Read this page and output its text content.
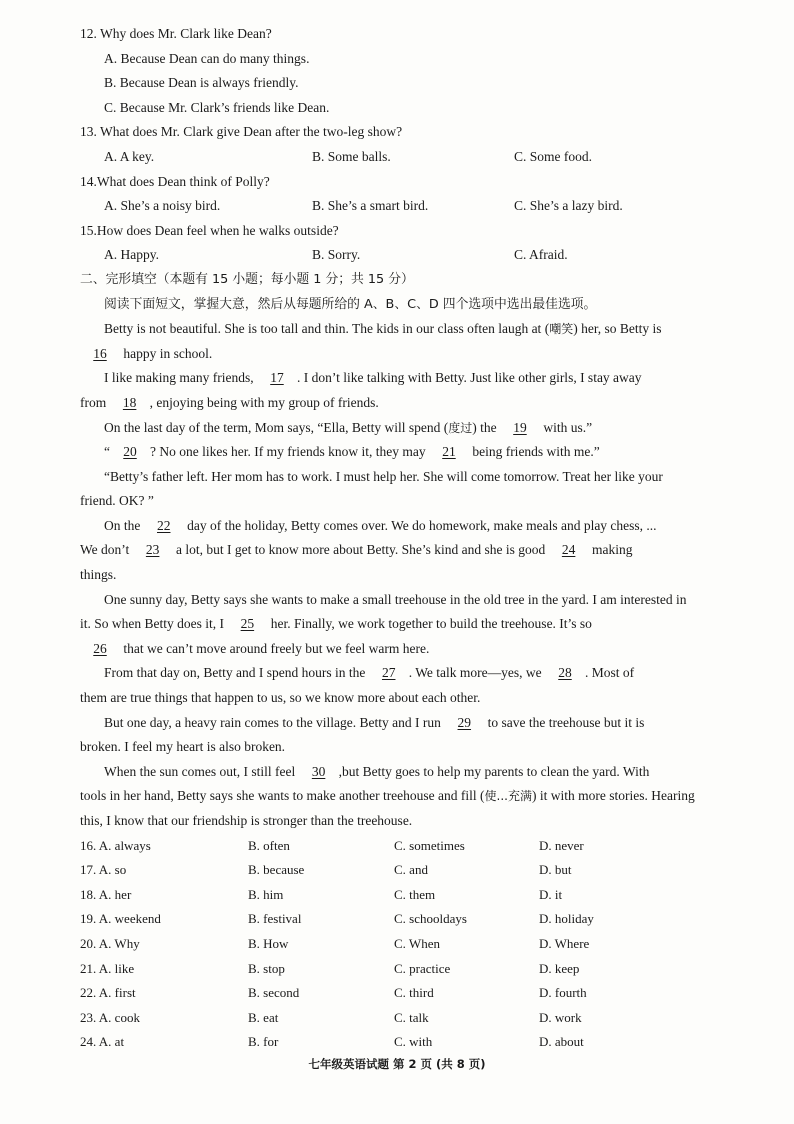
12. Why does Mr. Clark like Dean?
A. Because Dean can do many things.
B. Because Dean is always friendly.
C. Because Mr. Clark’s friends like Dean.
13. What does Mr. Clark give Dean after the two-leg show?
A. A key.	B. Some balls.	C. Some food.
14.What does Dean think of Polly?
A. She’s a noisy bird.	B. She’s a smart bird.	C. She’s a lazy bird.
15.How does Dean feel when he walks outside?
A. Happy.	B. Sorry.	C. Afraid.
二、完形填空（本题有 15 小题；每小题 1 分；共 15 分）
阅读下面短文，掌握大意，然后从每题所给的 A、B、C、D 四个选项中选出最佳选项。
Betty is not beautiful. She is too tall and thin. The kids in our class often laugh at (嘲笑) her, so Betty is
16 happy in school.
I like making many friends, 17 . I don’t like talking with Betty. Just like other girls, I stay away
from 18 , enjoying being with my group of friends.
On the last day of the term, Mom says, “Ella, Betty will spend (度过) the 19 with us.”
“ 20 ? No one likes her. If my friends know it, they may 21 being friends with me.”
“Betty’s father left. Her mom has to work. I must help her. She will come tomorrow. Treat her like your
friend. OK? ”
On the 22 day of the holiday, Betty comes over. We do homework, make meals and play chess, ...
We don’t 23 a lot, but I get to know more about Betty. She’s kind and she is good 24 making
things.
One sunny day, Betty says she wants to make a small treehouse in the old tree in the yard. I am interested in
it. So when Betty does it, I 25 her. Finally, we work together to build the treehouse. It’s so
26 that we can’t move around freely but we feel warm here.
From that day on, Betty and I spend hours in the 27 . We talk more—yes, we 28 . Most of
them are true things that happen to us, so we know more about each other.
But one day, a heavy rain comes to the village. Betty and I run 29 to save the treehouse but it is
broken. I feel my heart is also broken.
When the sun comes out, I still feel 30 ,but Betty goes to help my parents to clean the yard. With
tools in her hand, Betty says she wants to make another treehouse and fill (使...充满) it with more stories. Hearing
this, I know that our friendship is stronger than the treehouse.
16. A. always	B. often	C. sometimes	D. never
17. A. so	B. because	C. and	D. but
18. A. her	B. him	C. them	D. it
19. A. weekend	B. festival	C. schooldays	D. holiday
20. A. Why	B. How	C. When	D. Where
21. A. like	B. stop	C. practice	D. keep
22. A. first	B. second	C. third	D. fourth
23. A. cook	B. eat	C. talk	D. work
24. A. at	B. for	C. with	D. about
七年级英语试题 第 2 页 (共 8 页)
